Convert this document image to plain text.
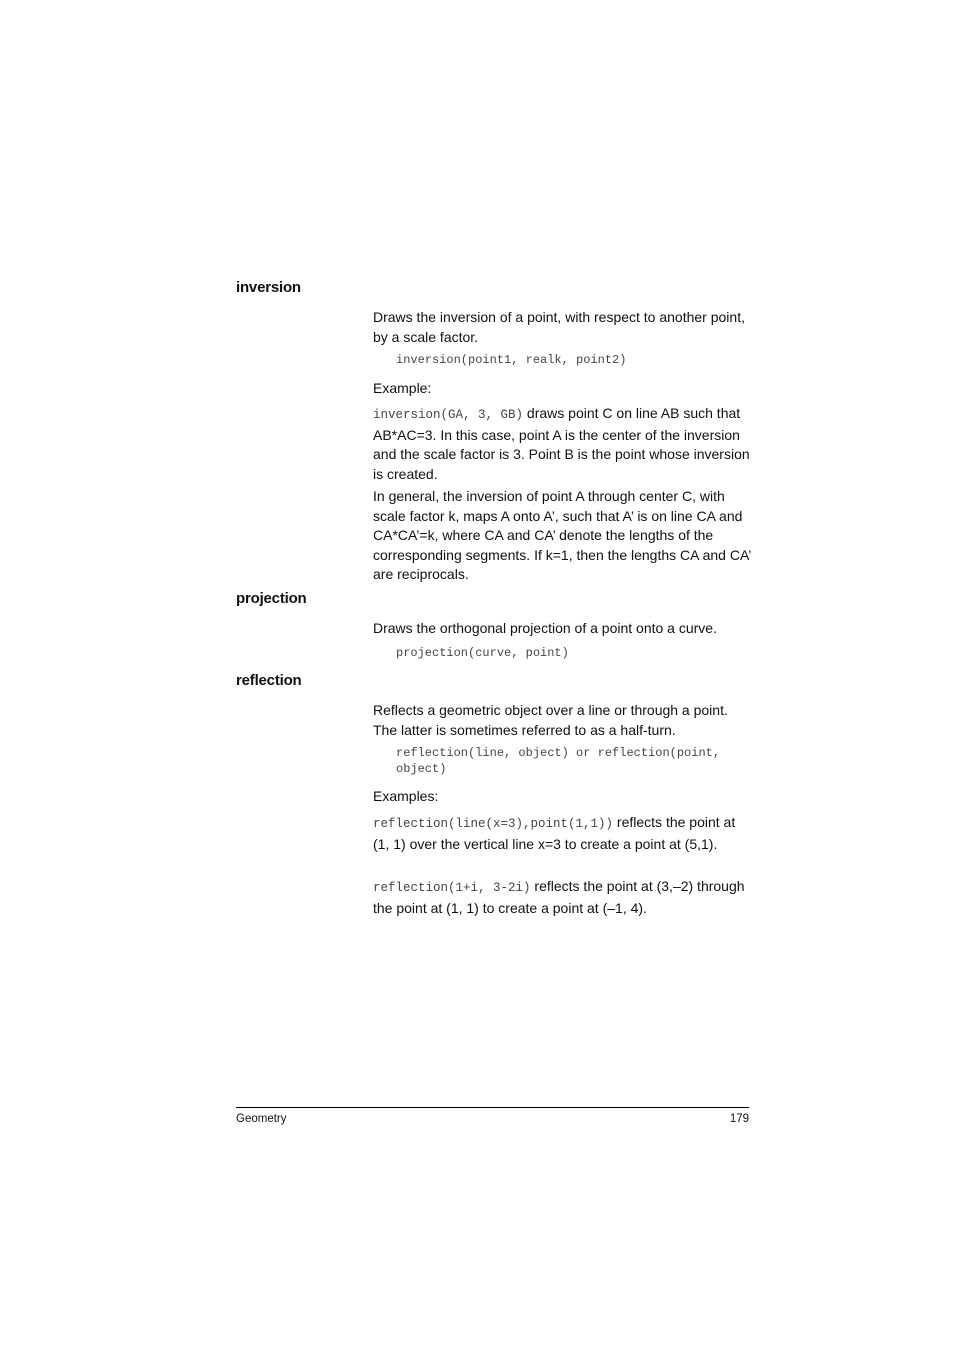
inversion

Draws the inversion of a point, with respect to another point, by a scale factor.

inversion(point1, realk, point2)

Example:

inversion(GA, 3, GB) draws point C on line AB such that AB*AC=3. In this case, point A is the center of the inversion and the scale factor is 3. Point B is the point whose inversion is created.

In general, the inversion of point A through center C, with scale factor k, maps A onto A’, such that A’ is on line CA and CA*CA’=k, where CA and CA’ denote the lengths of the corresponding segments. If k=1, then the lengths CA and CA’ are reciprocals.

projection

Draws the orthogonal projection of a point onto a curve.

projection(curve, point)
reflection

Reflects a geometric object over a line or through a point. The latter is sometimes referred to as a half-turn.

reflection(line, object) or reflection(point, object)

Examples:

reflection(line(x=3),point(1,1)) reflects the point at (1, 1) over the vertical line x=3 to create a point at (5,1).

reflection(1+i, 3-2i) reflects the point at (3,–2) through the point at (1, 1) to create a point at (–1, 4).

Geometry	179
